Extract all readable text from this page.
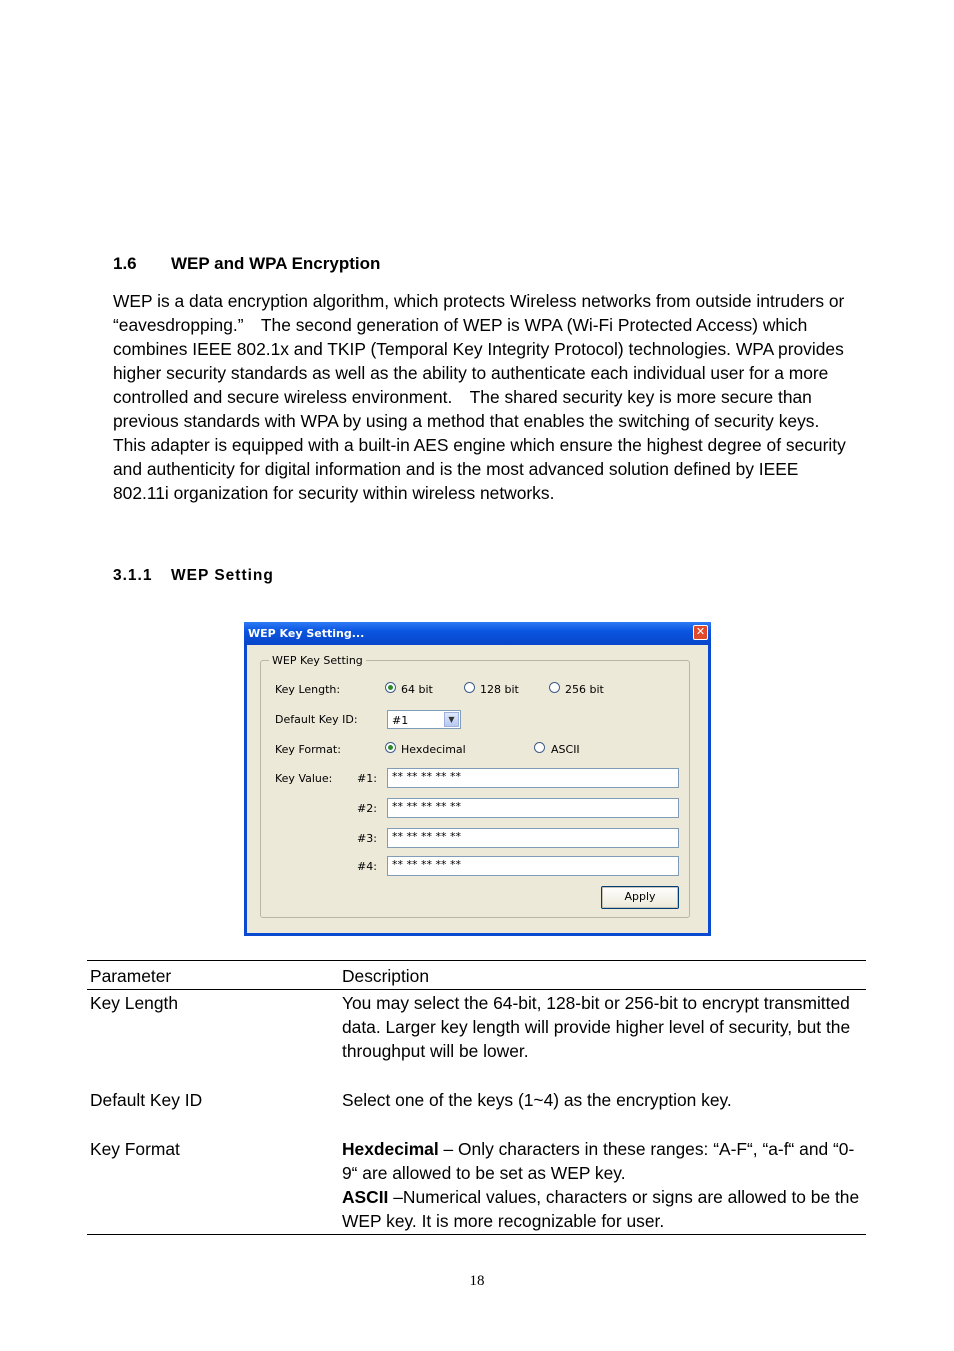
1.6 WEP and WPA Encryption

WEP is a data encryption algorithm, which protects Wireless networks from outside intruders or “eavesdropping.”　The second generation of WEP is WPA (Wi-Fi Protected Access) which combines IEEE 802.1x and TKIP (Temporal Key Integrity Protocol) technologies. WPA provides higher security standards as well as the ability to authenticate each individual user for a more controlled and secure wireless environment.　The shared security key is more secure than previous standards with WPA by using a method that enables the switching of security keys.　This adapter is equipped with a built-in AES engine which ensure the highest degree of security and authenticity for digital information and is the most advanced solution defined by IEEE 802.11i organization for security within wireless networks.

3.1.1 WEP Setting
WEP Key Setting...	✕
WEP Key Setting
Key Length:	64 bit	128 bit	256 bit
Default Key ID:	#1	▼
Key Format:	Hexdecimal	ASCII
Key Value: #1:	** ** ** ** **
#2:	** ** ** ** **
#3:	** ** ** ** **
#4:	** ** ** ** **
Apply
Parameter	Description
Key Length	You may select the 64-bit, 128-bit or 256-bit to encrypt transmitted data. Larger key length will provide higher level of security, but the throughput will be lower.
Default Key ID	Select one of the keys (1~4) as the encryption key.
Key Format	Hexdecimal – Only characters in these ranges: “A-F“, “a-f“ and “0-9“ are allowed to be set as WEP key.
ASCII –Numerical values, characters or signs are allowed to be the WEP key. It is more recognizable for user.
18
